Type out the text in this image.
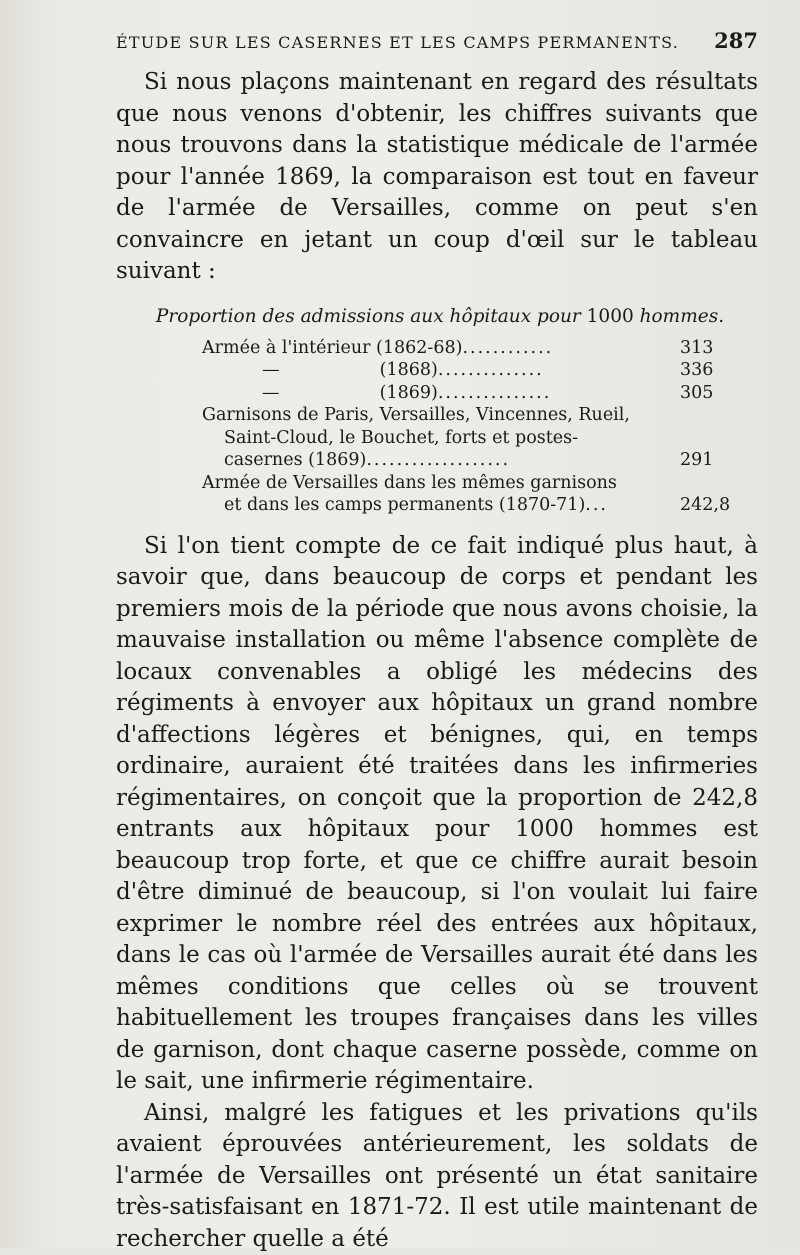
ÉTUDE SUR LES CASERNES ET LES CAMPS PERMANENTS. 287

Si nous plaçons maintenant en regard des résultats que nous venons d'obtenir, les chiffres suivants que nous trouvons dans la statistique médicale de l'armée pour l'année 1869, la comparaison est tout en faveur de l'armée de Versailles, comme on peut s'en convaincre en jetant un coup d'œil sur le tableau suivant :

Proportion des admissions aux hôpitaux pour 1000 hommes.
Armée à l'intérieur (1862-68)............	313
—                  (1868)..............	336
—                  (1869)...............	305
Garnisons de Paris, Versailles, Vincennes, Rueil,
Saint-Cloud, le Bouchet, forts et postes-
casernes (1869)...................	291
Armée de Versailles dans les mêmes garnisons
et dans les camps permanents (1870-71)...	242,8

Si l'on tient compte de ce fait indiqué plus haut, à savoir que, dans beaucoup de corps et pendant les premiers mois de la période que nous avons choisie, la mauvaise installation ou même l'absence complète de locaux convenables a obligé les médecins des régiments à envoyer aux hôpitaux un grand nombre d'affections légères et bénignes, qui, en temps ordinaire, auraient été traitées dans les infirmeries régimentaires, on conçoit que la proportion de 242,8 entrants aux hôpitaux pour 1000 hommes est beaucoup trop forte, et que ce chiffre aurait besoin d'être diminué de beaucoup, si l'on voulait lui faire exprimer le nombre réel des entrées aux hôpitaux, dans le cas où l'armée de Versailles aurait été dans les mêmes conditions que celles où se trouvent habituellement les troupes françaises dans les villes de garnison, dont chaque caserne possède, comme on le sait, une infirmerie régimentaire.

Ainsi, malgré les fatigues et les privations qu'ils avaient éprouvées antérieurement, les soldats de l'armée de Versailles ont présenté un état sanitaire très-satisfaisant en 1871-72. Il est utile maintenant de rechercher quelle a été
